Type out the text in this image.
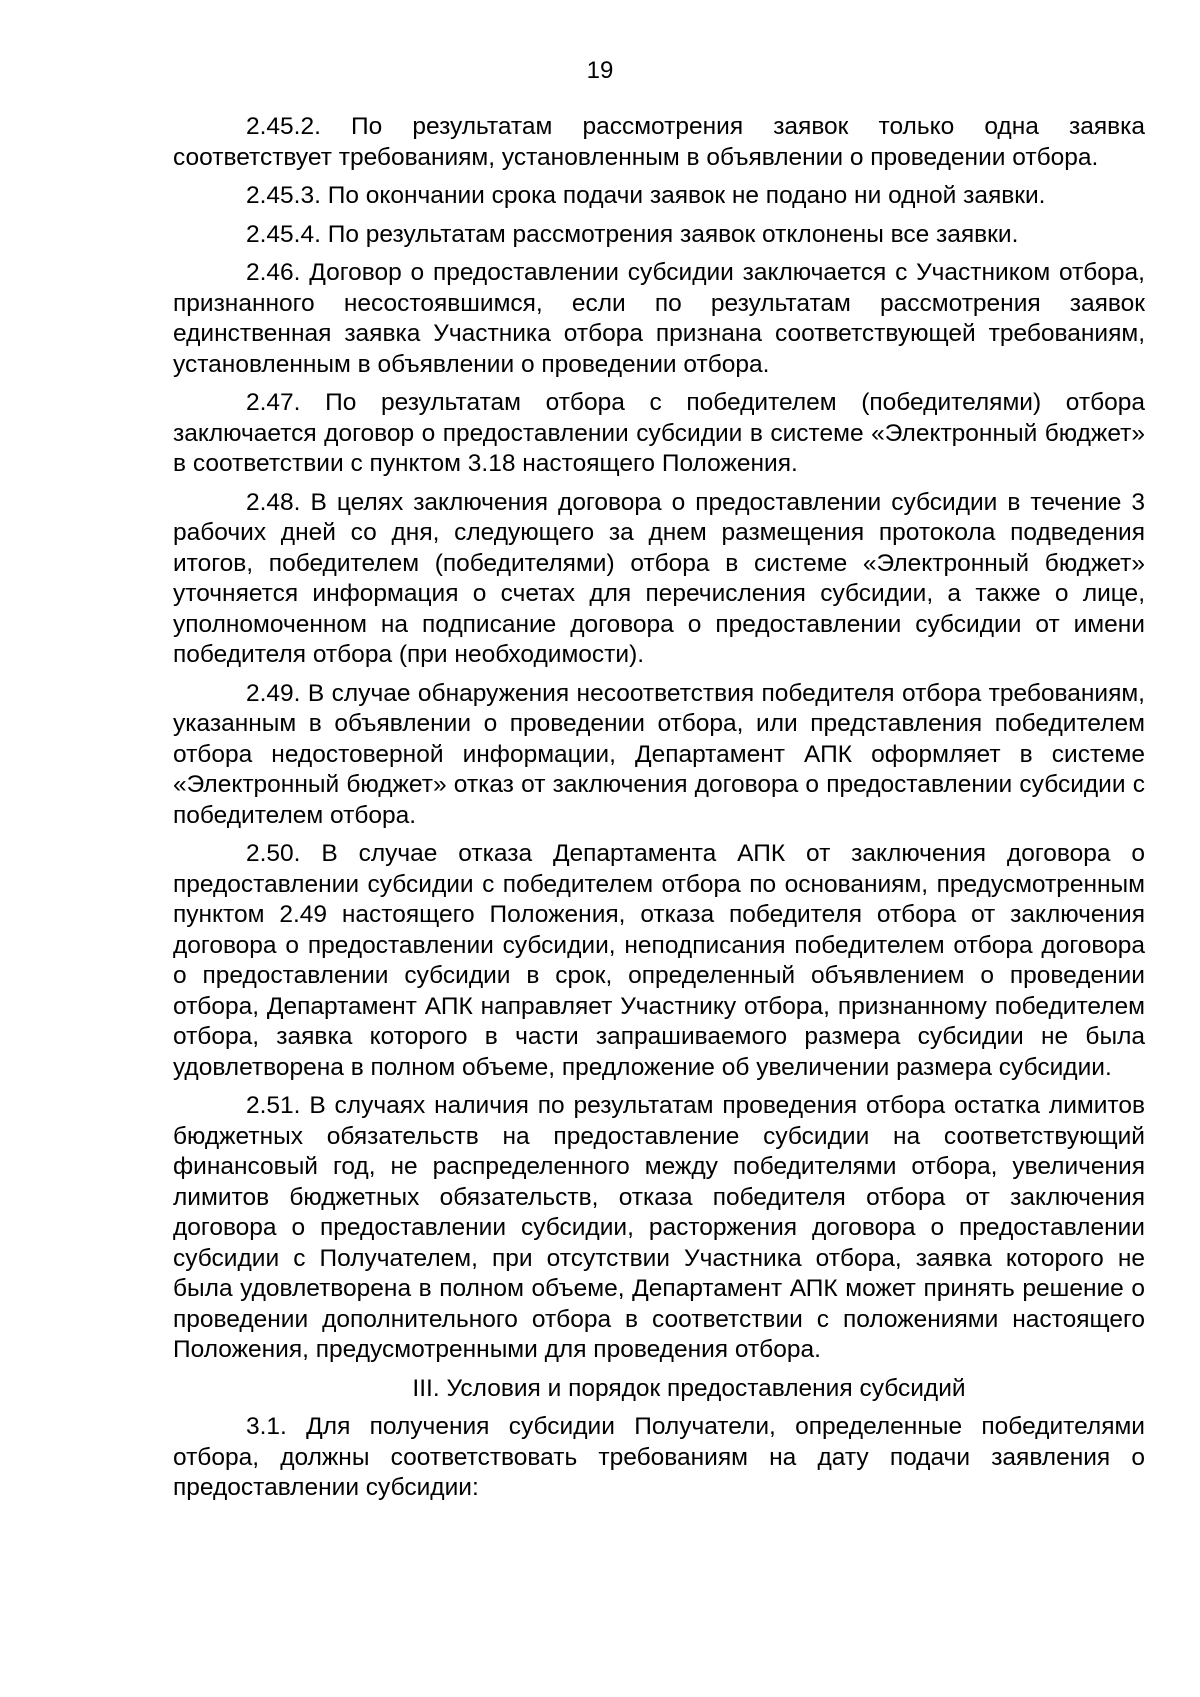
19

2.45.2. По результатам рассмотрения заявок только одна заявка соответствует требованиям, установленным в объявлении о проведении отбора.

2.45.3. По окончании срока подачи заявок не подано ни одной заявки.

2.45.4. По результатам рассмотрения заявок отклонены все заявки.

2.46. Договор о предоставлении субсидии заключается с Участником отбора, признанного несостоявшимся, если по результатам рассмотрения заявок единственная заявка Участника отбора признана соответствующей требованиям, установленным в объявлении о проведении отбора.

2.47. По результатам отбора с победителем (победителями) отбора заключается договор о предоставлении субсидии в системе «Электронный бюджет» в соответствии с пунктом 3.18 настоящего Положения.

2.48. В целях заключения договора о предоставлении субсидии в течение 3 рабочих дней со дня, следующего за днем размещения протокола подведения итогов, победителем (победителями) отбора в системе «Электронный бюджет» уточняется информация о счетах для перечисления субсидии, а также о лице, уполномоченном на подписание договора о предоставлении субсидии от имени победителя отбора (при необходимости).

2.49. В случае обнаружения несоответствия победителя отбора требованиям, указанным в объявлении о проведении отбора, или представления победителем отбора недостоверной информации, Департамент АПК оформляет в системе «Электронный бюджет» отказ от заключения договора о предоставлении субсидии с победителем отбора.

2.50. В случае отказа Департамента АПК от заключения договора о предоставлении субсидии с победителем отбора по основаниям, предусмотренным пунктом 2.49 настоящего Положения, отказа победителя отбора от заключения договора о предоставлении субсидии, неподписания победителем отбора договора о предоставлении субсидии в срок, определенный объявлением о проведении отбора, Департамент АПК направляет Участнику отбора, признанному победителем отбора, заявка которого в части запрашиваемого размера субсидии не была удовлетворена в полном объеме, предложение об увеличении размера субсидии.

2.51. В случаях наличия по результатам проведения отбора остатка лимитов бюджетных обязательств на предоставление субсидии на соответствующий финансовый год, не распределенного между победителями отбора, увеличения лимитов бюджетных обязательств, отказа победителя отбора от заключения договора о предоставлении субсидии, расторжения договора о предоставлении субсидии с Получателем, при отсутствии Участника отбора, заявка которого не была удовлетворена в полном объеме, Департамент АПК может принять решение о проведении дополнительного отбора в соответствии с положениями настоящего Положения, предусмотренными для проведения отбора.

III. Условия и порядок предоставления субсидий

3.1. Для получения субсидии Получатели, определенные победителями отбора, должны соответствовать требованиям на дату подачи заявления о предоставлении субсидии:
